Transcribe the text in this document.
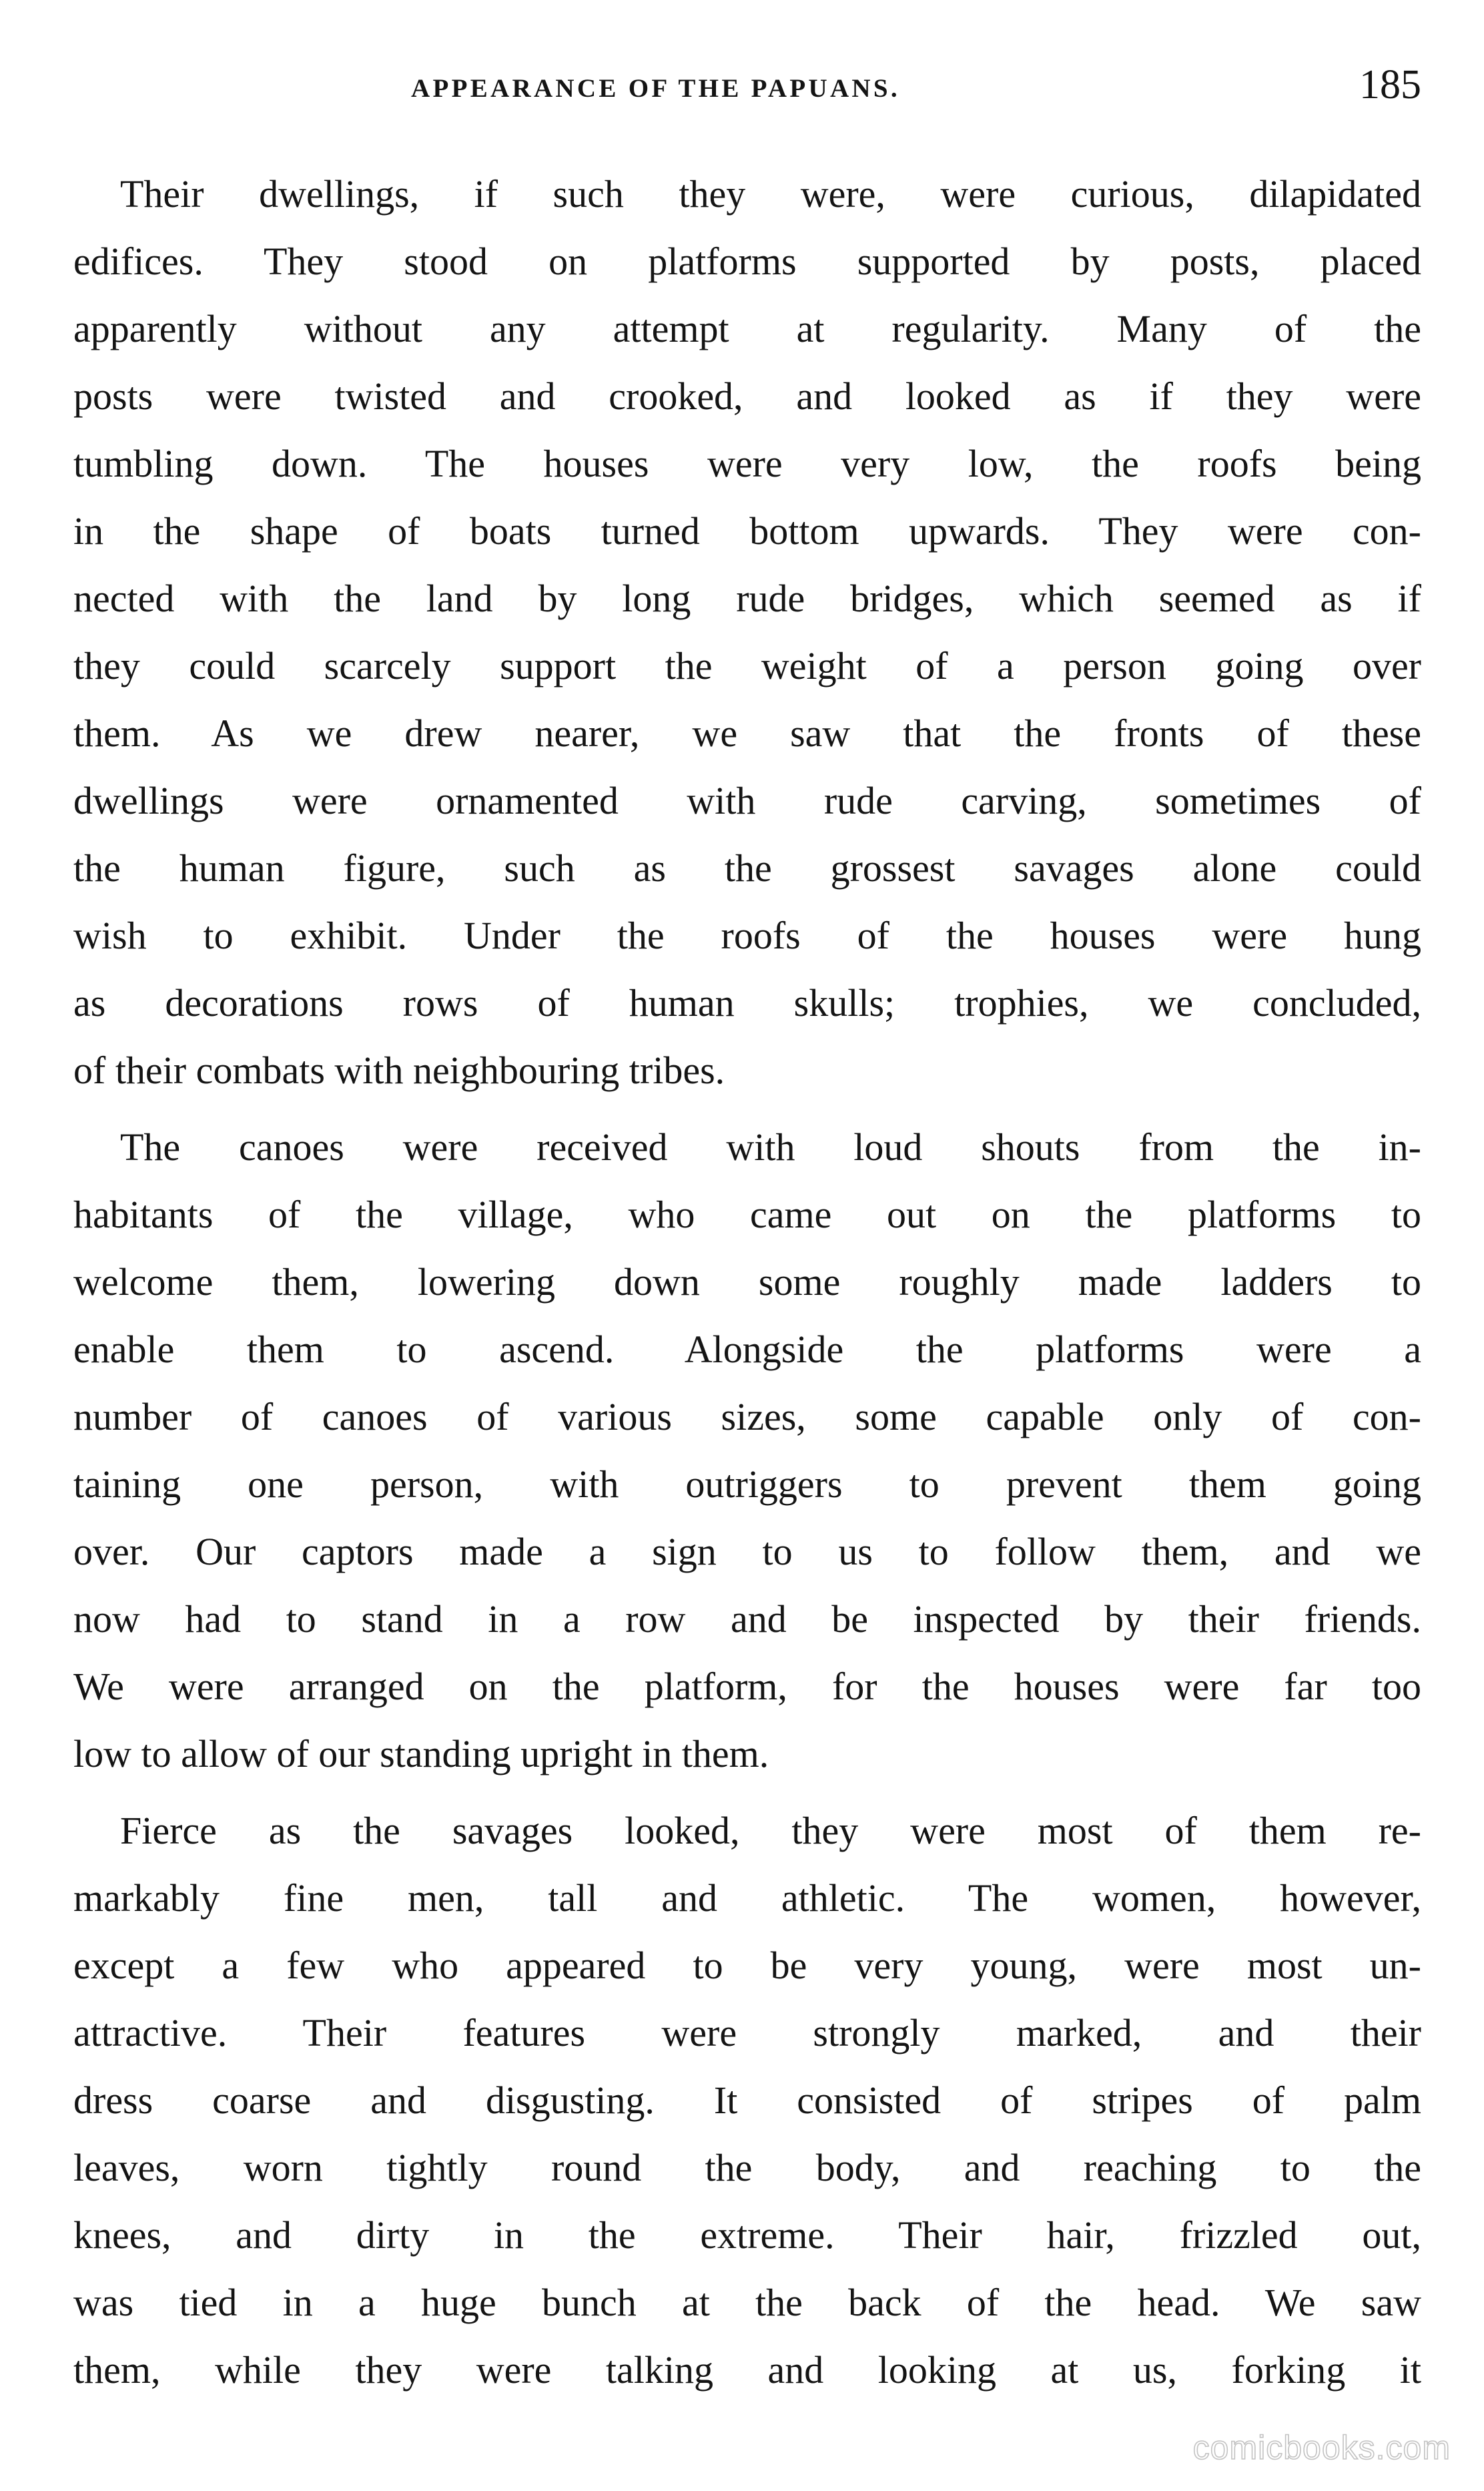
APPEARANCE OF THE PAPUANS.	185
Their dwellings, if such they were, were curious, dilapidated
edifices. They stood on platforms supported by posts, placed
apparently without any attempt at regularity. Many of the
posts were twisted and crooked, and looked as if they were
tumbling down. The houses were very low, the roofs being
in the shape of boats turned bottom upwards. They were con-
nected with the land by long rude bridges, which seemed as if
they could scarcely support the weight of a person going over
them. As we drew nearer, we saw that the fronts of these
dwellings were ornamented with rude carving, sometimes of
the human figure, such as the grossest savages alone could
wish to exhibit. Under the roofs of the houses were hung
as decorations rows of human skulls; trophies, we concluded,
of their combats with neighbouring tribes.
The canoes were received with loud shouts from the in-
habitants of the village, who came out on the platforms to
welcome them, lowering down some roughly made ladders to
enable them to ascend. Alongside the platforms were a
number of canoes of various sizes, some capable only of con-
taining one person, with outriggers to prevent them going
over. Our captors made a sign to us to follow them, and we
now had to stand in a row and be inspected by their friends.
We were arranged on the platform, for the houses were far too
low to allow of our standing upright in them.
Fierce as the savages looked, they were most of them re-
markably fine men, tall and athletic. The women, however,
except a few who appeared to be very young, were most un-
attractive. Their features were strongly marked, and their
dress coarse and disgusting. It consisted of stripes of palm
leaves, worn tightly round the body, and reaching to the
knees, and dirty in the extreme. Their hair, frizzled out,
was tied in a huge bunch at the back of the head. We saw
them, while they were talking and looking at us, forking it
comicbooks.com
